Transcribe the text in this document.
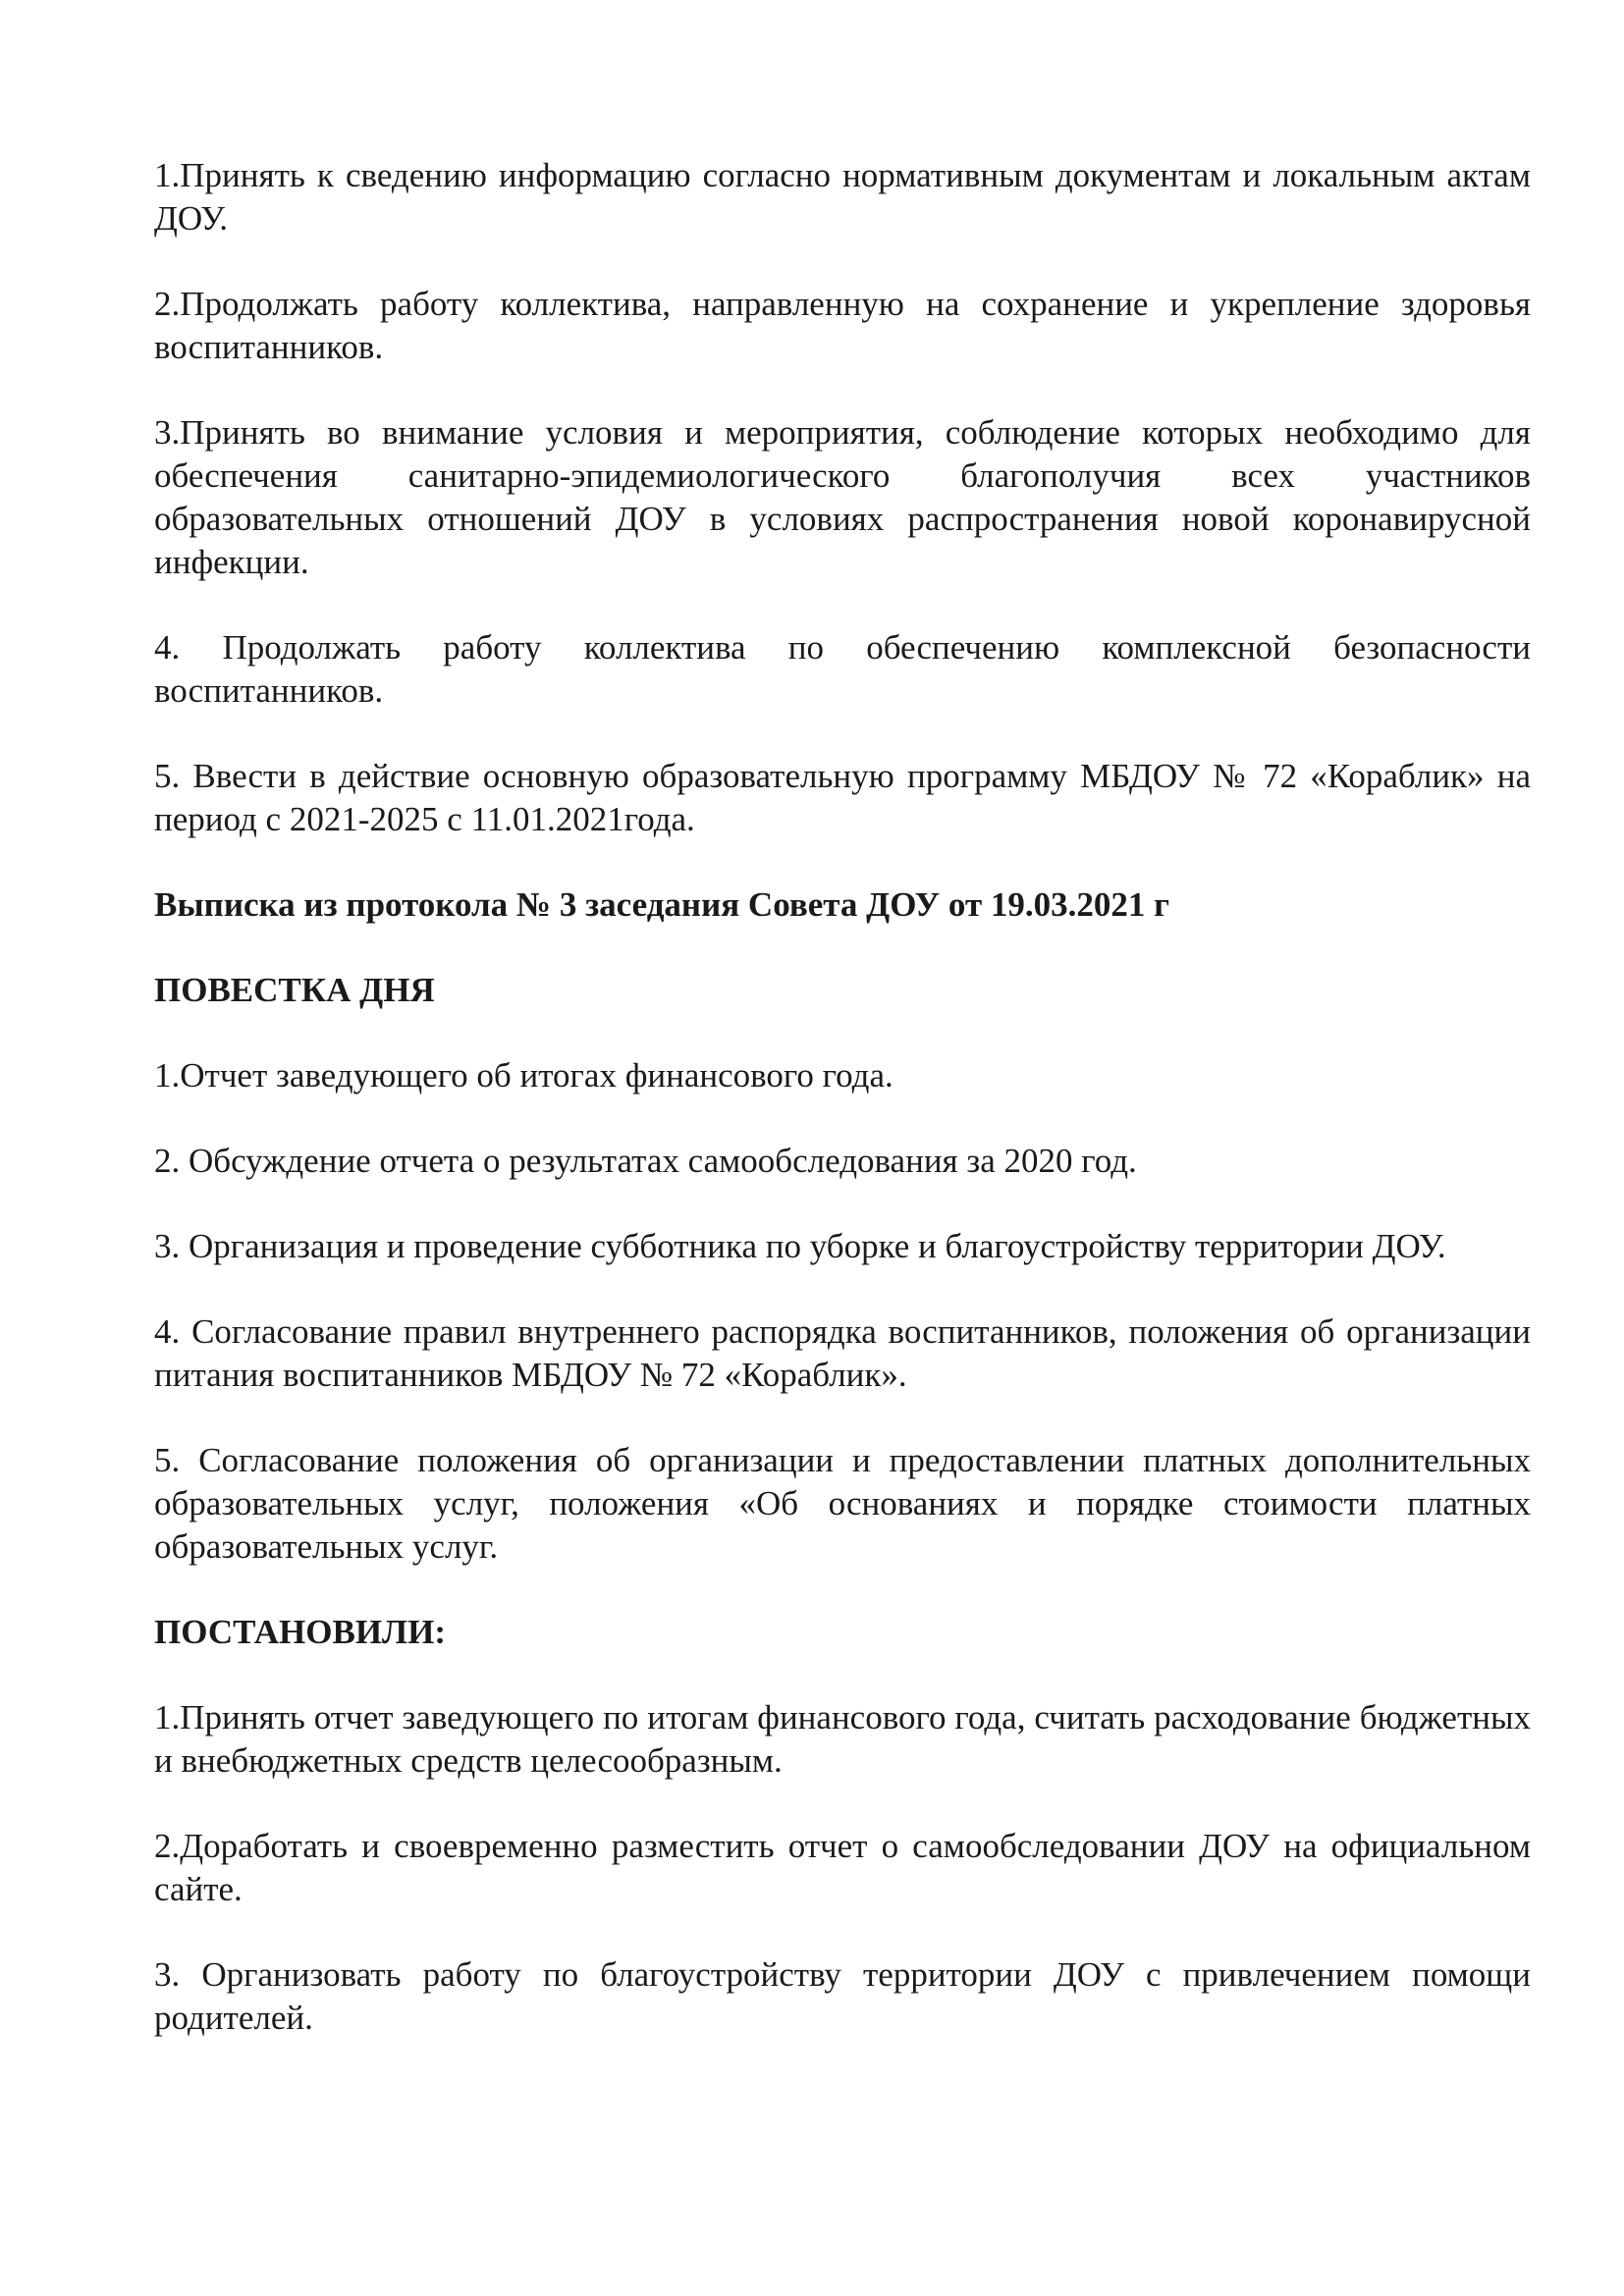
1.Принять к сведению информацию согласно нормативным документам и локальным актам ДОУ.

2.Продолжать работу коллектива, направленную на сохранение и укрепление здоровья воспитанников.

3.Принять во внимание условия и мероприятия, соблюдение которых необходимо для обеспечения санитарно-эпидемиологического благополучия всех участников образовательных отношений ДОУ в условиях распространения новой коронавирусной инфекции.

4. Продолжать работу коллектива по обеспечению комплексной безопасности воспитанников.

5. Ввести в действие основную образовательную программу МБДОУ № 72 «Кораблик» на период с 2021-2025 с 11.01.2021года.

Выписка из протокола № 3 заседания Совета ДОУ от 19.03.2021 г

ПОВЕСТКА ДНЯ

1.Отчет заведующего об итогах финансового года.

2. Обсуждение отчета о результатах самообследования за 2020 год.

3. Организация и проведение субботника по уборке и благоустройству территории ДОУ.

4. Согласование правил внутреннего распорядка воспитанников, положения об организации питания воспитанников МБДОУ № 72 «Кораблик».

5. Согласование положения об организации и предоставлении платных дополнительных образовательных услуг, положения «Об основаниях и порядке стоимости платных образовательных услуг.

ПОСТАНОВИЛИ:

1.Принять отчет заведующего по итогам финансового года, считать расходование бюджетных и внебюджетных средств целесообразным.

2.Доработать и своевременно разместить отчет о самообследовании ДОУ на официальном сайте.

3. Организовать работу по благоустройству территории ДОУ с привлечением помощи родителей.
